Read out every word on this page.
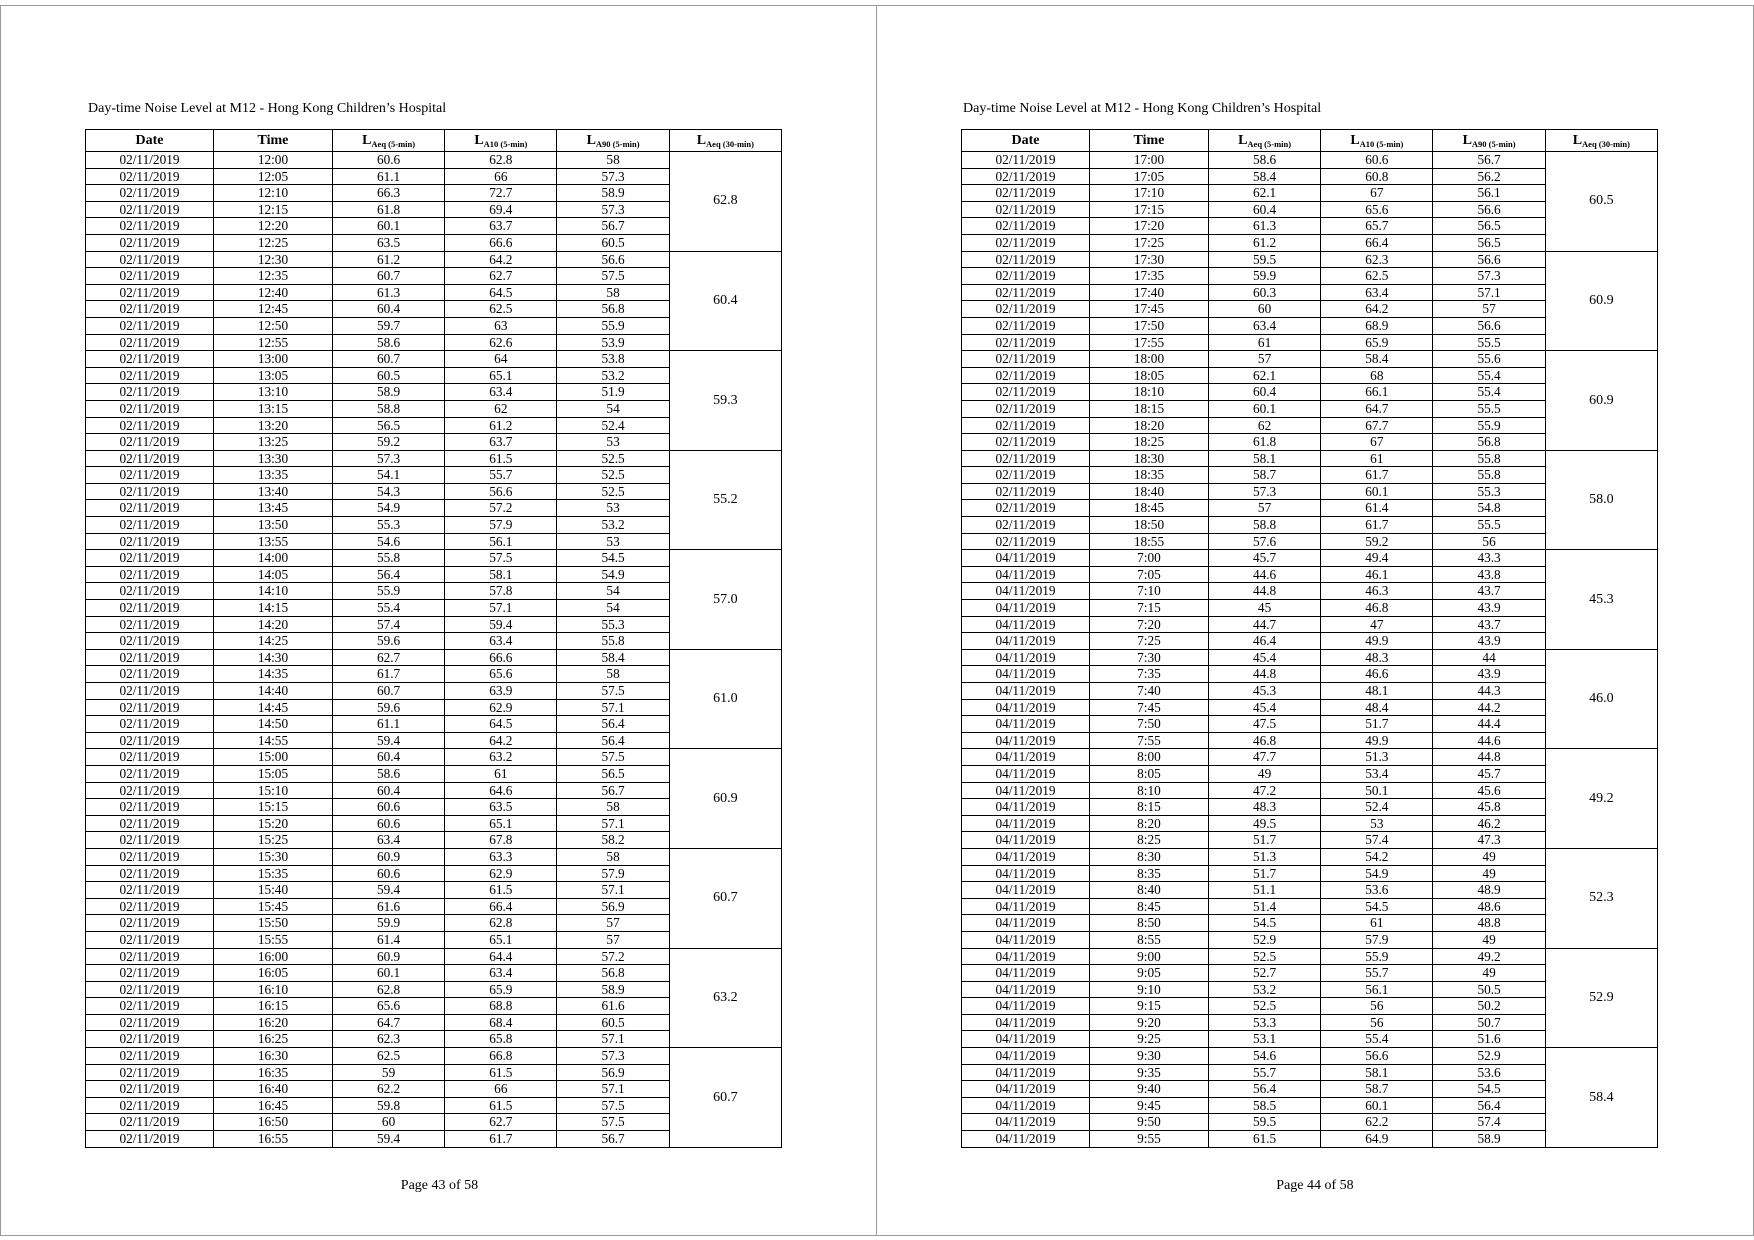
Day-time Noise Level at M12 - Hong Kong Children’s Hospital
Date	Time	$L_{Aeq (5-min)}$	$L_{A10 (5-min)}$	$L_{A90 (5-min)}$	$L_{Aeq (30-min)}$
02/11/2019	12:00	60.6	62.8	58	62.8
02/11/2019	12:05	61.1	66	57.3	
02/11/2019	12:10	66.3	72.7	58.9	
02/11/2019	12:15	61.8	69.4	57.3	
02/11/2019	12:20	60.1	63.7	56.7	
02/11/2019	12:25	63.5	66.6	60.5	
02/11/2019	12:30	61.2	64.2	56.6	60.4
02/11/2019	12:35	60.7	62.7	57.5	
02/11/2019	12:40	61.3	64.5	58	
02/11/2019	12:45	60.4	62.5	56.8	
02/11/2019	12:50	59.7	63	55.9	
02/11/2019	12:55	58.6	62.6	53.9	
02/11/2019	13:00	60.7	64	53.8	59.3
02/11/2019	13:05	60.5	65.1	53.2	
02/11/2019	13:10	58.9	63.4	51.9	
02/11/2019	13:15	58.8	62	54	
02/11/2019	13:20	56.5	61.2	52.4	
02/11/2019	13:25	59.2	63.7	53	
02/11/2019	13:30	57.3	61.5	52.5	55.2
02/11/2019	13:35	54.1	55.7	52.5	
02/11/2019	13:40	54.3	56.6	52.5	
02/11/2019	13:45	54.9	57.2	53	
02/11/2019	13:50	55.3	57.9	53.2	
02/11/2019	13:55	54.6	56.1	53	
02/11/2019	14:00	55.8	57.5	54.5	57.0
02/11/2019	14:05	56.4	58.1	54.9	
02/11/2019	14:10	55.9	57.8	54	
02/11/2019	14:15	55.4	57.1	54	
02/11/2019	14:20	57.4	59.4	55.3	
02/11/2019	14:25	59.6	63.4	55.8	
02/11/2019	14:30	62.7	66.6	58.4	61.0
02/11/2019	14:35	61.7	65.6	58	
02/11/2019	14:40	60.7	63.9	57.5	
02/11/2019	14:45	59.6	62.9	57.1	
02/11/2019	14:50	61.1	64.5	56.4	
02/11/2019	14:55	59.4	64.2	56.4	
02/11/2019	15:00	60.4	63.2	57.5	60.9
02/11/2019	15:05	58.6	61	56.5	
02/11/2019	15:10	60.4	64.6	56.7	
02/11/2019	15:15	60.6	63.5	58	
02/11/2019	15:20	60.6	65.1	57.1	
02/11/2019	15:25	63.4	67.8	58.2	
02/11/2019	15:30	60.9	63.3	58	60.7
02/11/2019	15:35	60.6	62.9	57.9	
02/11/2019	15:40	59.4	61.5	57.1	
02/11/2019	15:45	61.6	66.4	56.9	
02/11/2019	15:50	59.9	62.8	57	
02/11/2019	15:55	61.4	65.1	57	
02/11/2019	16:00	60.9	64.4	57.2	63.2
02/11/2019	16:05	60.1	63.4	56.8	
02/11/2019	16:10	62.8	65.9	58.9	
02/11/2019	16:15	65.6	68.8	61.6	
02/11/2019	16:20	64.7	68.4	60.5	
02/11/2019	16:25	62.3	65.8	57.1	
02/11/2019	16:30	62.5	66.8	57.3	60.7
02/11/2019	16:35	59	61.5	56.9	
02/11/2019	16:40	62.2	66	57.1	
02/11/2019	16:45	59.8	61.5	57.5	
02/11/2019	16:50	60	62.7	57.5	
02/11/2019	16:55	59.4	61.7	56.7	
Page 43 of 58
Day-time Noise Level at M12 - Hong Kong Children’s Hospital
Date	Time	$L_{Aeq (5-min)}$	$L_{A10 (5-min)}$	$L_{A90 (5-min)}$	$L_{Aeq (30-min)}$
02/11/2019	17:00	58.6	60.6	56.7	60.5
02/11/2019	17:05	58.4	60.8	56.2	
02/11/2019	17:10	62.1	67	56.1	
02/11/2019	17:15	60.4	65.6	56.6	
02/11/2019	17:20	61.3	65.7	56.5	
02/11/2019	17:25	61.2	66.4	56.5	
02/11/2019	17:30	59.5	62.3	56.6	60.9
02/11/2019	17:35	59.9	62.5	57.3	
02/11/2019	17:40	60.3	63.4	57.1	
02/11/2019	17:45	60	64.2	57	
02/11/2019	17:50	63.4	68.9	56.6	
02/11/2019	17:55	61	65.9	55.5	
02/11/2019	18:00	57	58.4	55.6	60.9
02/11/2019	18:05	62.1	68	55.4	
02/11/2019	18:10	60.4	66.1	55.4	
02/11/2019	18:15	60.1	64.7	55.5	
02/11/2019	18:20	62	67.7	55.9	
02/11/2019	18:25	61.8	67	56.8	
02/11/2019	18:30	58.1	61	55.8	58.0
02/11/2019	18:35	58.7	61.7	55.8	
02/11/2019	18:40	57.3	60.1	55.3	
02/11/2019	18:45	57	61.4	54.8	
02/11/2019	18:50	58.8	61.7	55.5	
02/11/2019	18:55	57.6	59.2	56	
04/11/2019	7:00	45.7	49.4	43.3	45.3
04/11/2019	7:05	44.6	46.1	43.8	
04/11/2019	7:10	44.8	46.3	43.7	
04/11/2019	7:15	45	46.8	43.9	
04/11/2019	7:20	44.7	47	43.7	
04/11/2019	7:25	46.4	49.9	43.9	
04/11/2019	7:30	45.4	48.3	44	46.0
04/11/2019	7:35	44.8	46.6	43.9	
04/11/2019	7:40	45.3	48.1	44.3	
04/11/2019	7:45	45.4	48.4	44.2	
04/11/2019	7:50	47.5	51.7	44.4	
04/11/2019	7:55	46.8	49.9	44.6	
04/11/2019	8:00	47.7	51.3	44.8	49.2
04/11/2019	8:05	49	53.4	45.7	
04/11/2019	8:10	47.2	50.1	45.6	
04/11/2019	8:15	48.3	52.4	45.8	
04/11/2019	8:20	49.5	53	46.2	
04/11/2019	8:25	51.7	57.4	47.3	
04/11/2019	8:30	51.3	54.2	49	52.3
04/11/2019	8:35	51.7	54.9	49	
04/11/2019	8:40	51.1	53.6	48.9	
04/11/2019	8:45	51.4	54.5	48.6	
04/11/2019	8:50	54.5	61	48.8	
04/11/2019	8:55	52.9	57.9	49	
04/11/2019	9:00	52.5	55.9	49.2	52.9
04/11/2019	9:05	52.7	55.7	49	
04/11/2019	9:10	53.2	56.1	50.5	
04/11/2019	9:15	52.5	56	50.2	
04/11/2019	9:20	53.3	56	50.7	
04/11/2019	9:25	53.1	55.4	51.6	
04/11/2019	9:30	54.6	56.6	52.9	58.4
04/11/2019	9:35	55.7	58.1	53.6	
04/11/2019	9:40	56.4	58.7	54.5	
04/11/2019	9:45	58.5	60.1	56.4	
04/11/2019	9:50	59.5	62.2	57.4	
04/11/2019	9:55	61.5	64.9	58.9	
Page 44 of 58
